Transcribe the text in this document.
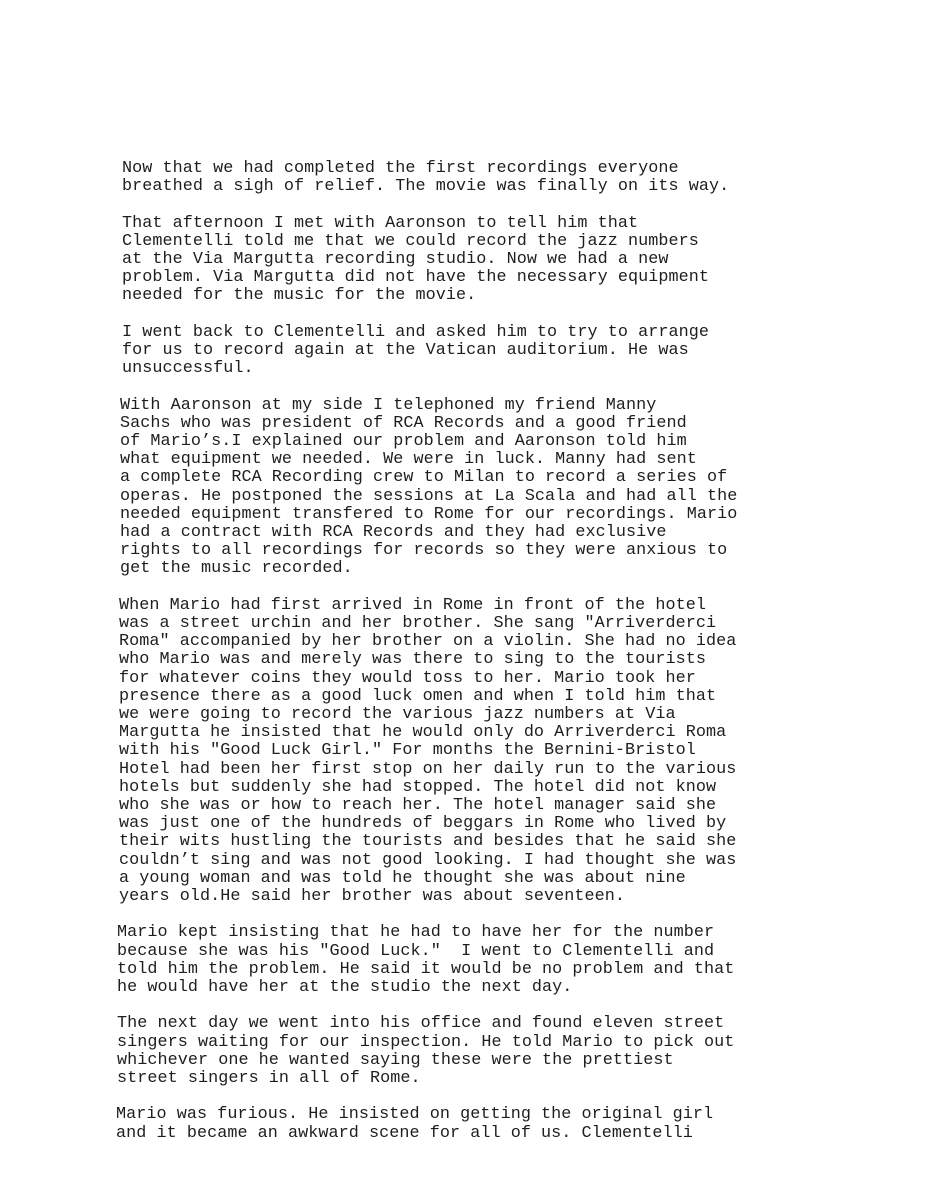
Now that we had completed the first recordings everyone
breathed a sigh of relief. The movie was finally on its way.
That afternoon I met with Aaronson to tell him that
Clementelli told me that we could record the jazz numbers
at the Via Margutta recording studio. Now we had a new
problem. Via Margutta did not have the necessary equipment
needed for the music for the movie.
I went back to Clementelli and asked him to try to arrange
for us to record again at the Vatican auditorium. He was
unsuccessful.
With Aaronson at my side I telephoned my friend Manny
Sachs who was president of RCA Records and a good friend
of Mario’s.I explained our problem and Aaronson told him
what equipment we needed. We were in luck. Manny had sent
a complete RCA Recording crew to Milan to record a series of
operas. He postponed the sessions at La Scala and had all the
needed equipment transfered to Rome for our recordings. Mario
had a contract with RCA Records and they had exclusive
rights to all recordings for records so they were anxious to
get the music recorded.
When Mario had first arrived in Rome in front of the hotel
was a street urchin and her brother. She sang "Arriverderci
Roma" accompanied by her brother on a violin. She had no idea
who Mario was and merely was there to sing to the tourists
for whatever coins they would toss to her. Mario took her
presence there as a good luck omen and when I told him that
we were going to record the various jazz numbers at Via
Margutta he insisted that he would only do Arriverderci Roma
with his "Good Luck Girl." For months the Bernini-Bristol
Hotel had been her first stop on her daily run to the various
hotels but suddenly she had stopped. The hotel did not know
who she was or how to reach her. The hotel manager said she
was just one of the hundreds of beggars in Rome who lived by
their wits hustling the tourists and besides that he said she
couldn’t sing and was not good looking. I had thought she was
a young woman and was told he thought she was about nine
years old.He said her brother was about seventeen.
Mario kept insisting that he had to have her for the number
because she was his "Good Luck."  I went to Clementelli and
told him the problem. He said it would be no problem and that
he would have her at the studio the next day.
The next day we went into his office and found eleven street
singers waiting for our inspection. He told Mario to pick out
whichever one he wanted saying these were the prettiest
street singers in all of Rome.
Mario was furious. He insisted on getting the original girl
and it became an awkward scene for all of us. Clementelli
